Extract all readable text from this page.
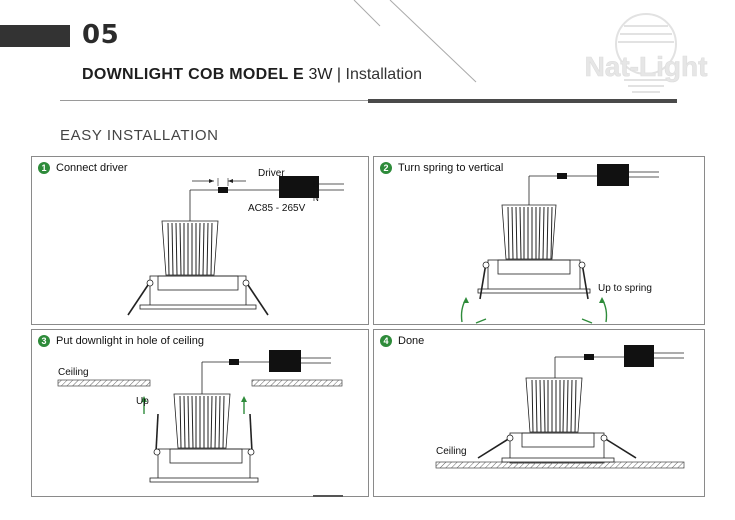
05
DOWNLIGHT COB MODEL E 3W | Installation	Nat-Light
EASY INSTALLATION
Driver
AC85 - 265V
L
N
1 Connect driver
Up to spring
2 Turn spring to vertical
Ceiling
Up
3 Put downlight in hole of ceiling
Ceiling
4 Done
